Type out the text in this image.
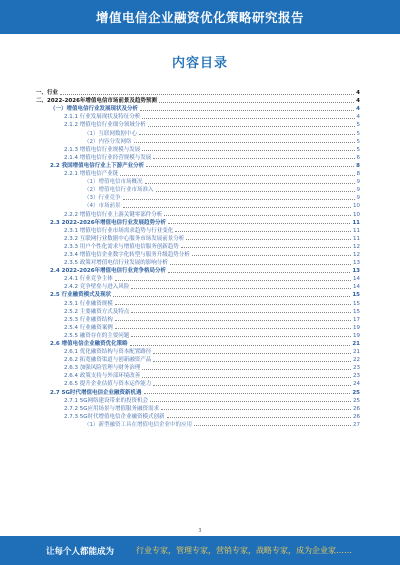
增值电信企业融资优化策略研究报告
内容目录
一、行业	4
二、2022-2026年增值电信市场前景及趋势预测	4
（一）增值电信行业发展现状及分析	4
2.1.1 行业发展现状及特征分析	4
2.1.2 增值电信行业细分领域分析	5
（1）互联网数据中心	5
（2）内容分发网络	5
2.1.3 增值电信行业规模与发展	5
2.1.4 增值电信行业经营规模与发展	6
2.2 我国增值电信行业上下游产业分析	8
2.2.1 增值电信产业链	8
（1）增值电信市场概况	9
（2）增值电信行业市场准入	9
（3）行业竞争	9
（4）市场前景	10
2.2.2 增值电信行业上游关键零部件分析	10
2.3 2022-2026年增值电信行业发展趋势分析	11
2.3.1 增值电信行业市场需求趋势与行业变化	11
2.3.2 互联网行业数据中心服务市场发展前景分析	11
2.3.3 用户个性化需求与增值电信服务创新趋势	12
2.3.4 增值电信企业数字化转型与服务升级趋势分析	12
2.3.5 政策对增值电信行业发展的影响分析	13
2.4 2022-2026年增值电信行业竞争格局分析	13
2.4.1 行业竞争主体	14
2.4.2 竞争壁垒与进入风险	14
2.5 行业融资模式及现状	15
2.5.1 行业融资规模	15
2.5.2 主要融资方式及特点	15
2.5.3 行业融资结构	17
2.5.4 行业融资案例	19
2.5.5 融资存在的主要问题	19
2.6 增值电信企业融资优化策略	21
2.6.1 优化融资结构与资本配置路径	21
2.6.2 拓宽融资渠道与创新融资产品	22
2.6.3 加强风险管理与财务治理	23
2.6.4 政策支持与外部环境改善	23
2.6.5 提升企业估值与资本运作能力	24
2.7 5G时代增值电信企业融资新机遇	25
2.7.1 5G网络建设带来的投资机会	25
2.7.2 5G应用场景与增值服务融资需求	26
2.7.3 5G时代增值电信企业融资模式创新	26
（1）新型融资工具在增值电信企业中的应用	27
3
让每个人都能成为	行业专家，管理专家，营销专家，战略专家，成为企业家……
